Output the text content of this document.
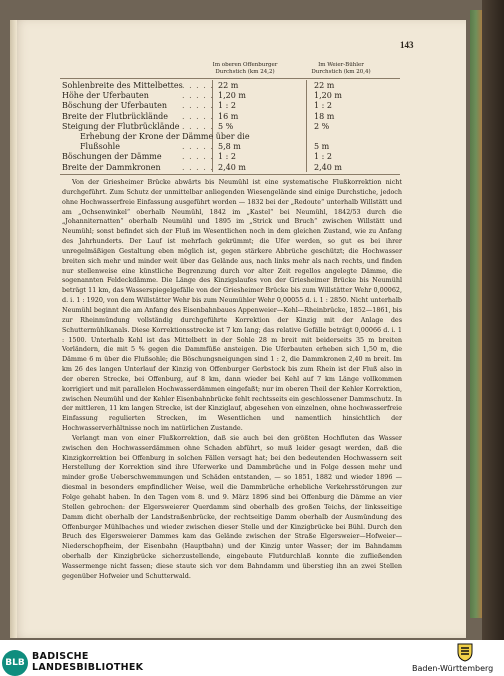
143
Im oberen Offenburger
Durchstich (km 24,2)
Im Weier-Bühler
Durchstich (km 20,4)
Sohlenbreite des Mittelbettes . . . . . 22 m	22 m
Höhe der Uferbauten	. . . . . 1,20 m	1,20 m
Böschung der Uferbauten . . . . . 1 : 2	1 : 2
Breite der Flutbrücklände . . . . . 16 m	18 m
Steigung der Flutbrücklände . . . . . 5 %	2 %
Erhebung der Krone der Dämme über die
Flußsohle	. . . . . 5,8 m	5 m
Böschungen der Dämme	. . . . . 1 : 2	1 : 2
Breite der Dammkronen	. . . . . 2,40 m	2,40 m

Von der Griesheimer Brücke abwärts bis Neumühl ist eine systematische Flußkorrektion nicht durchgeführt. Zum Schutz der unmittelbar anliegenden Wiesengelände sind einige Durchstiche, jedoch ohne Hochwasserfreie Einfassung ausgeführt worden — 1832 bei der „Redoute“ unterhalb Willstätt und am „Ochsenwinkel“ oberhalb Neumühl, 1842 im „Kastel“ bei Neumühl, 1842/53 durch die „Johanniternatten“ oberhalb Neumühl und 1895 im „Strick und Bruch“ zwischen Willstätt und Neumühl; sonst befindet sich der Fluß im Wesentlichen noch in dem gleichen Zustand, wie zu Anfang des Jahrhunderts. Der Lauf ist mehrfach gekrümmt; die Ufer werden, so gut es bei ihrer unregelmäßigen Gestaltung eben möglich ist, gegen stärkere Abbrüche geschützt; die Hochwasser breiten sich mehr und minder weit über das Gelände aus, nach links mehr als nach rechts, und finden nur stellenweise eine künstliche Begrenzung durch vor alter Zeit regellos angelegte Dämme, die sogenannten Feldeckdämme. Die Länge des Kinzigslaufes von der Griesheimer Brücke bis Neumühl beträgt 11 km, das Wasserspiegelgefälle von der Griesheimer Brücke bis zum Willstätter Wehr 0,00062, d. i. 1 : 1920, von dem Willstätter Wehr bis zum Neumühler Wehr 0,00055 d. i. 1 : 2850. Nicht unterhalb Neumühl beginnt die am Anfang des Eisenbahnbaues Appenweier—Kehl—Rheinbrücke, 1852—1861, bis zur Rheinmündung vollständig durchgeführte Korrektion der Kinzig mit der Anlage des Schuttermühlkanals. Diese Korrektionsstrecke ist 7 km lang; das relative Gefälle beträgt 0,00066 d. i. 1 : 1500. Unterhalb Kehl ist das Mittelbett in der Sohle 28 m breit mit beiderseits 35 m breiten Vorländern, die mit 5 % gegen die Dammfüße ansteigen. Die Uferbauten erheben sich 1,50 m, die Dämme 6 m über die Flußsohle; die Böschungsneigungen sind 1 : 2, die Dammkronen 2,40 m breit. Im km 26 des langen Unterlauf der Kinzig von Offenburger Gerbstock bis zum Rhein ist der Fluß also in der oberen Strecke, bei Offenburg, auf 8 km, dann wieder bei Kehl auf 7 km Länge vollkommen korrigiert und mit parallelen Hochwasserdämmen eingefaßt; nur im oberen Theil der Kehler Korrektion, zwischen Neumühl und der Kehler Eisenbahnbrücke fehlt rechtsseits ein geschlossener Dammschutz. In der mittleren, 11 km langen Strecke, ist der Kinziglauf, abgesehen von einzelnen, ohne hochwasserfreie Einfassung regulierten Strecken, im Wesentlichen und namentlich hinsichtlich der Hochwasserverhältnisse noch im natürlichen Zustande.

Verlangt man von einer Flußkorrektion, daß sie auch bei den größten Hochfluten das Wasser zwischen den Hochwasserdämmen ohne Schaden abführt, so muß leider gesagt werden, daß die Kinzigkorrektion bei Offenburg in solchen Fällen versagt hat; bei den bedeutenden Hochwassern seit Herstellung der Korrektion sind ihre Uferwerke und Dammbrüche und in Folge dessen mehr und minder große Ueberschwemmungen und Schäden entstanden, — so 1851, 1882 und wieder 1896 — diesmal in besonders empfindlicher Weise, weil die Dammbrüche erhebliche Verkehrsstörungen zur Folge gehabt haben. In den Tagen vom 8. und 9. März 1896 sind bei Offenburg die Dämme an vier Stellen gebrochen: der Elgersweierer Querdamm sind oberhalb des großen Teichs, der linksseitige Damm dicht oberhalb der Landstraßenbrücke, der rechtseitige Damm oberhalb der Ausmündung des Offenburger Mühlbaches und wieder zwischen dieser Stelle und der Kinzigbrücke bei Bühl. Durch den Bruch des Elgersweierer Dammes kam das Gelände zwischen der Straße Elgersweier—Hofweier—Niederschopfheim, der Eisenbahn (Hauptbahn) und der Kinzig unter Wasser; der im Bahndamm oberhalb der Kinzigbrücke sicherzustellende, eingebaute Flutdurchlaß konnte die zufließenden Wassermenge nicht fassen; diese staute sich vor dem Bahndamm und überstieg ihn an zwei Stellen gegenüber Hofweier und Schutterwald.

BLB
BADISCHE
LANDESBIBLIOTHEK	Baden-Württemberg
